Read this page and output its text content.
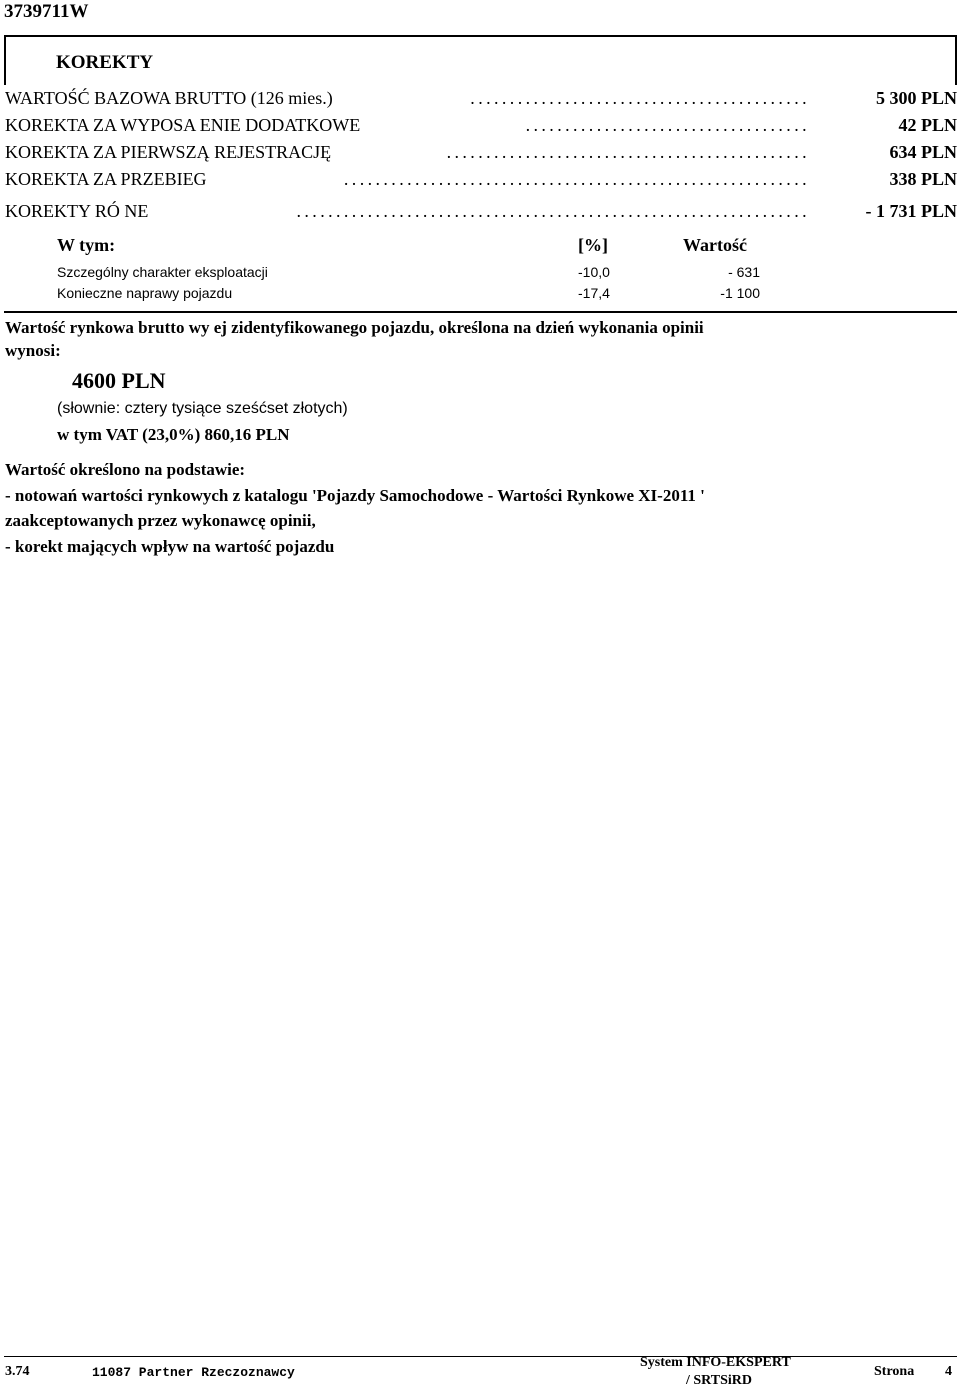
3739711W
KOREKTY
WARTOŚĆ BAZOWA BRUTTO (126 mies.)	...........................................	5 300 PLN
KOREKTA ZA WYPOSA ENIE DODATKOWE	....................................	42 PLN
KOREKTA ZA PIERWSZĄ REJESTRACJĘ	..............................................	634 PLN
KOREKTA ZA PRZEBIEG	...........................................................	338 PLN
KOREKTY RÓ NE	.................................................................	- 1 731 PLN
W tym:	[%]	Wartość
Szczególny charakter eksploatacji	-10,0	- 631
Konieczne naprawy pojazdu	-17,4	-1 100
Wartość rynkowa brutto wy ej zidentyfikowanego pojazdu, określona na dzień wykonania opinii
wynosi:
4600 PLN
(słownie: cztery tysiące sześćset złotych)
w tym VAT (23,0%) 860,16 PLN
Wartość określono na podstawie:
- notowań wartości rynkowych z katalogu 'Pojazdy Samochodowe - Wartości Rynkowe XI-2011 '
zaakceptowanych przez wykonawcę opinii,
- korekt mających wpływ na wartość pojazdu
3.74	11087 Partner Rzeczoznawcy
System INFO-EKSPERT
/ SRTSiRD
Strona 4
